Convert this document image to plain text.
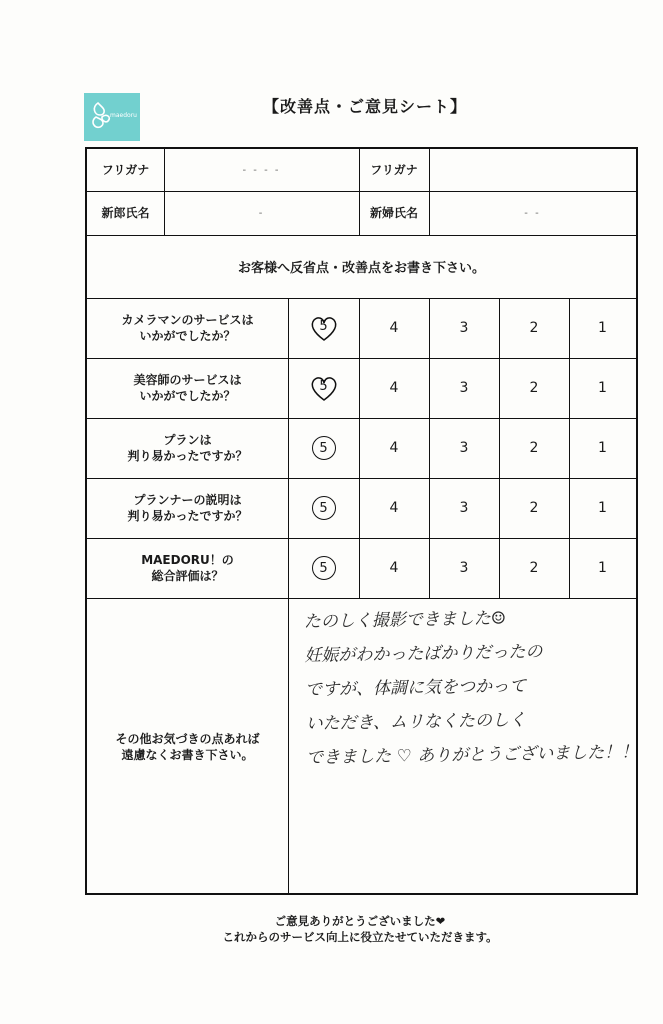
maedoru	【改善点・ご意見シート】
フリガナ	- - - -	フリガナ
新郎氏名	-	新婦氏名	- -
お客様へ反省点・改善点をお書き下さい。
カメラマンのサービスは
いかがでしたか？
5	4	3	2	1
美容師のサービスは
いかがでしたか？
5	4	3	2	1
プランは
判り易かったですか？
5	4	3	2	1
プランナーの説明は
判り易かったですか？
5	4	3	2	1
MAEDORU！の
総合評価は？
5	4	3	2	1
その他お気づきの点あれば
遠慮なくお書き下さい。
たのしく撮影できました☺
妊娠がわかったばかりだったの
ですが、体調に気をつかって
いただき、ムリなくたのしく
できました ♡ ありがとうございました！！
ご意見ありがとうございました❤
これからのサービス向上に役立たせていただきます。
